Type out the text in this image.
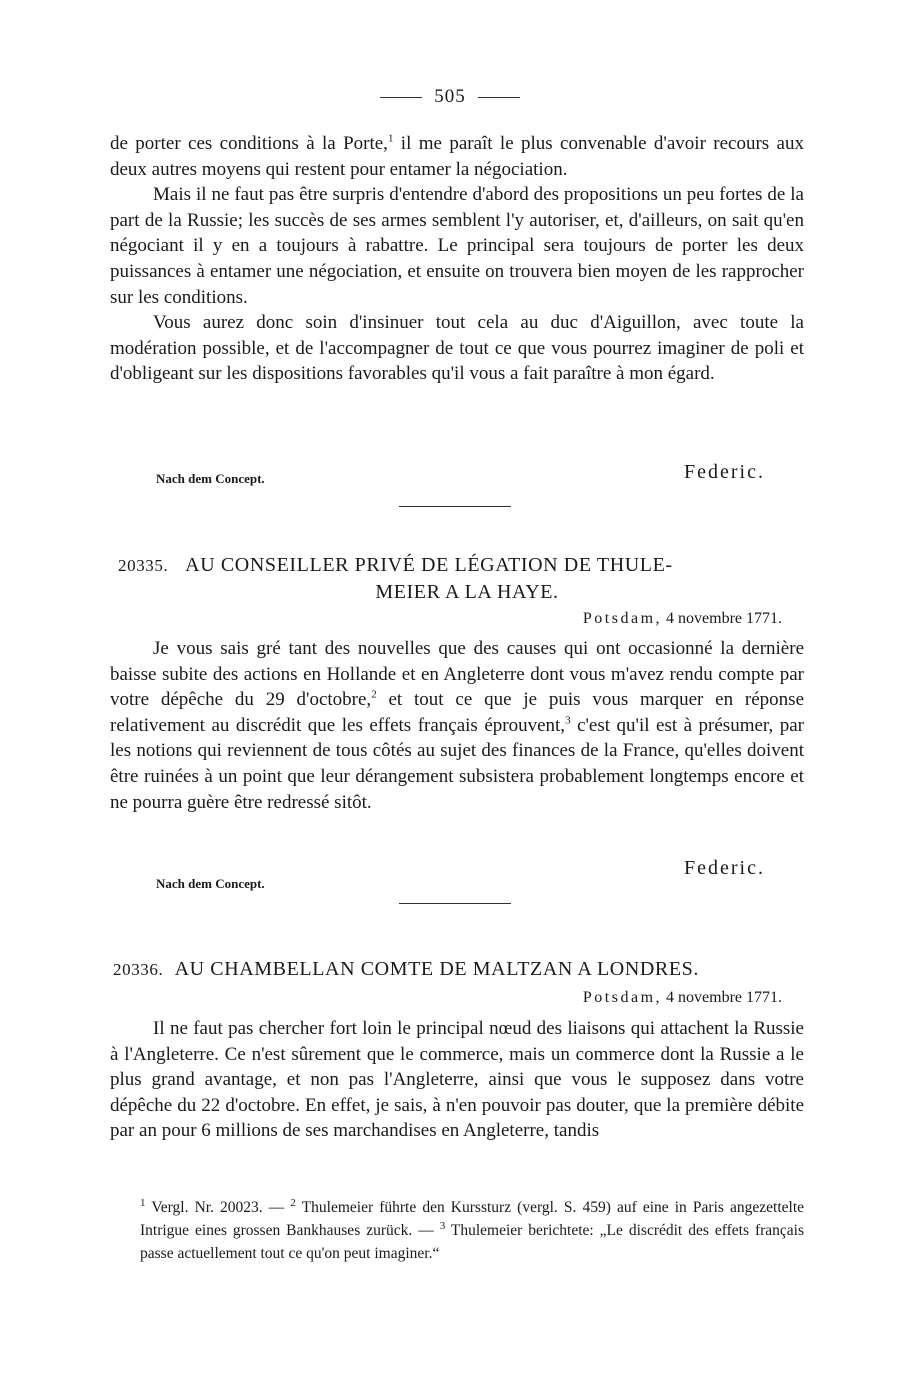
505

de porter ces conditions à la Porte,$^1$ il me paraît le plus convenable d'avoir recours aux deux autres moyens qui restent pour entamer la négociation.

Mais il ne faut pas être surpris d'entendre d'abord des propositions un peu fortes de la part de la Russie; les succès de ses armes semblent l'y autoriser, et, d'ailleurs, on sait qu'en négociant il y en a toujours à rabattre. Le principal sera toujours de porter les deux puissances à entamer une négociation, et ensuite on trouvera bien moyen de les rapprocher sur les conditions.

Vous aurez donc soin d'insinuer tout cela au duc d'Aiguillon, avec toute la modération possible, et de l'accompagner de tout ce que vous pourrez imaginer de poli et d'obligeant sur les dispositions favorables qu'il vous a fait paraître à mon égard.

Nach dem Concept.	Federic.
20335. AU CONSEILLER PRIVÉ DE LÉGATION DE THULE-
MEIER A LA HAYE.
Potsdam, 4 novembre 1771.

Je vous sais gré tant des nouvelles que des causes qui ont occasionné la dernière baisse subite des actions en Hollande et en Angleterre dont vous m'avez rendu compte par votre dépêche du 29 d'octobre,$^2$ et tout ce que je puis vous marquer en réponse relativement au discrédit que les effets français éprouvent,$^3$ c'est qu'il est à présumer, par les notions qui reviennent de tous côtés au sujet des finances de la France, qu'elles doivent être ruinées à un point que leur dérangement subsistera probablement longtemps encore et ne pourra guère être redressé sitôt.

Nach dem Concept.
Federic.
20336. AU CHAMBELLAN COMTE DE MALTZAN A LONDRES.
Potsdam, 4 novembre 1771.

Il ne faut pas chercher fort loin le principal nœud des liaisons qui attachent la Russie à l'Angleterre. Ce n'est sûrement que le commerce, mais un commerce dont la Russie a le plus grand avantage, et non pas l'Angleterre, ainsi que vous le supposez dans votre dépêche du 22 d'octobre. En effet, je sais, à n'en pouvoir pas douter, que la première débite par an pour 6 millions de ses marchandises en Angleterre, tandis

$^1$ Vergl. Nr. 20023. — $^2$ Thulemeier führte den Kurssturz (vergl. S. 459) auf eine in Paris angezettelte Intrigue eines grossen Bankhauses zurück. — $^3$ Thulemeier berichtete: „Le discrédit des effets français passe actuellement tout ce qu'on peut imaginer.“
